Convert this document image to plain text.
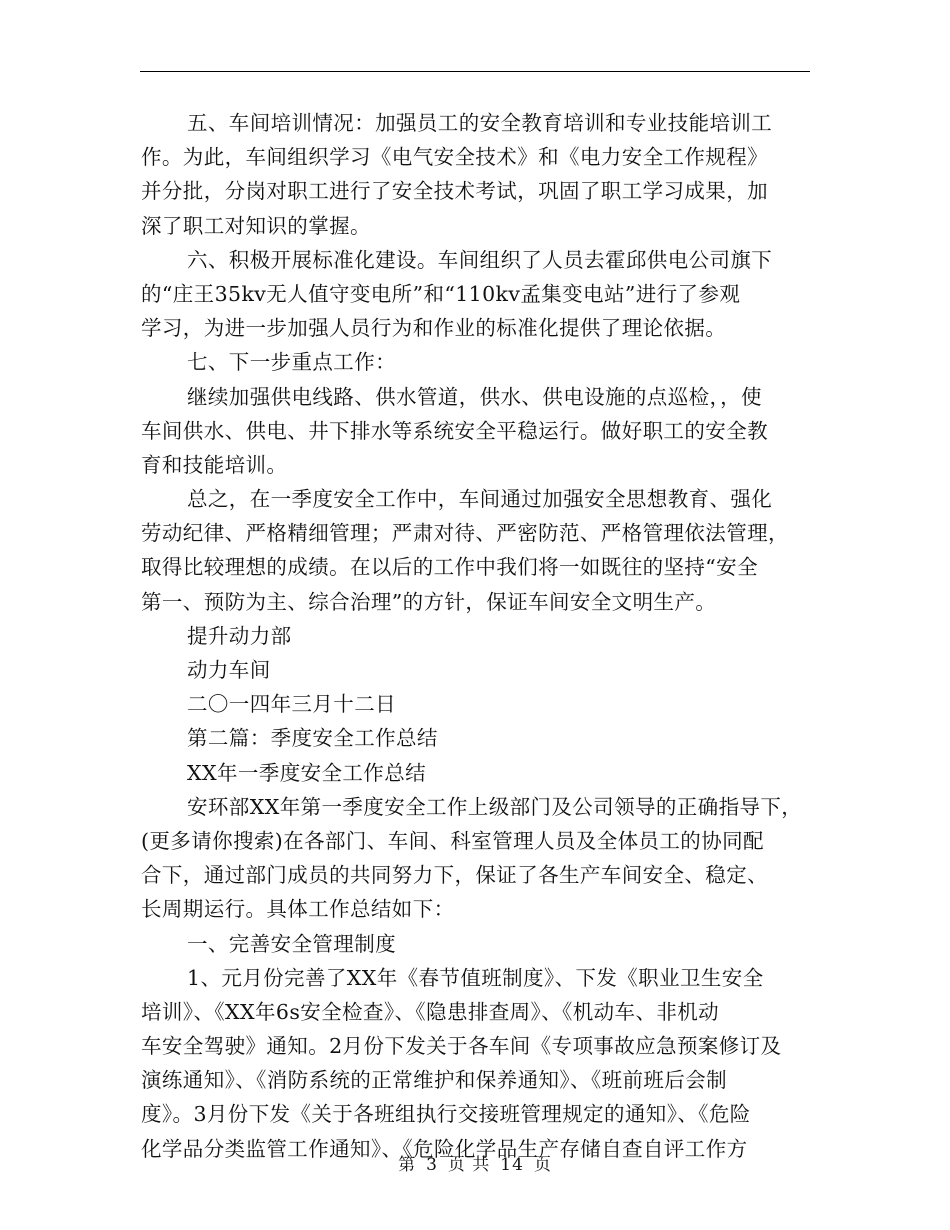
五、车间培训情况：加强员工的安全教育培训和专业技能培训工
作。为此，车间组织学习《电气安全技术》和《电力安全工作规程》
并分批，分岗对职工进行了安全技术考试，巩固了职工学习成果，加
深了职工对知识的掌握。
六、积极开展标准化建设。车间组织了人员去霍邱供电公司旗下
的“庄王35kv无人值守变电所”和“110kv孟集变电站”进行了参观
学习，为进一步加强人员行为和作业的标准化提供了理论依据。
七、下一步重点工作：
继续加强供电线路、供水管道，供水、供电设施的点巡检，，使
车间供水、供电、井下排水等系统安全平稳运行。做好职工的安全教
育和技能培训。
总之，在一季度安全工作中，车间通过加强安全思想教育、强化
劳动纪律、严格精细管理；严肃对待、严密防范、严格管理依法管理，
取得比较理想的成绩。在以后的工作中我们将一如既往的坚持“安全
第一、预防为主、综合治理”的方针，保证车间安全文明生产。
提升动力部
动力车间
二〇一四年三月十二日
第二篇：季度安全工作总结
XX年一季度安全工作总结
安环部XX年第一季度安全工作上级部门及公司领导的正确指导下，
(更多请你搜索)在各部门、车间、科室管理人员及全体员工的协同配
合下，通过部门成员的共同努力下，保证了各生产车间安全、稳定、
长周期运行。具体工作总结如下：
一、完善安全管理制度
1、元月份完善了XX年《春节值班制度》、下发《职业卫生安全
培训》、《XX年6s安全检查》、《隐患排查周》、《机动车、非机动
车安全驾驶》通知。2月份下发关于各车间《专项事故应急预案修订及
演练通知》、《消防系统的正常维护和保养通知》、《班前班后会制
度》。3月份下发《关于各班组执行交接班管理规定的通知》、《危险
化学品分类监管工作通知》、《危险化学品生产存储自查自评工作方
第 3 页 共 14 页
